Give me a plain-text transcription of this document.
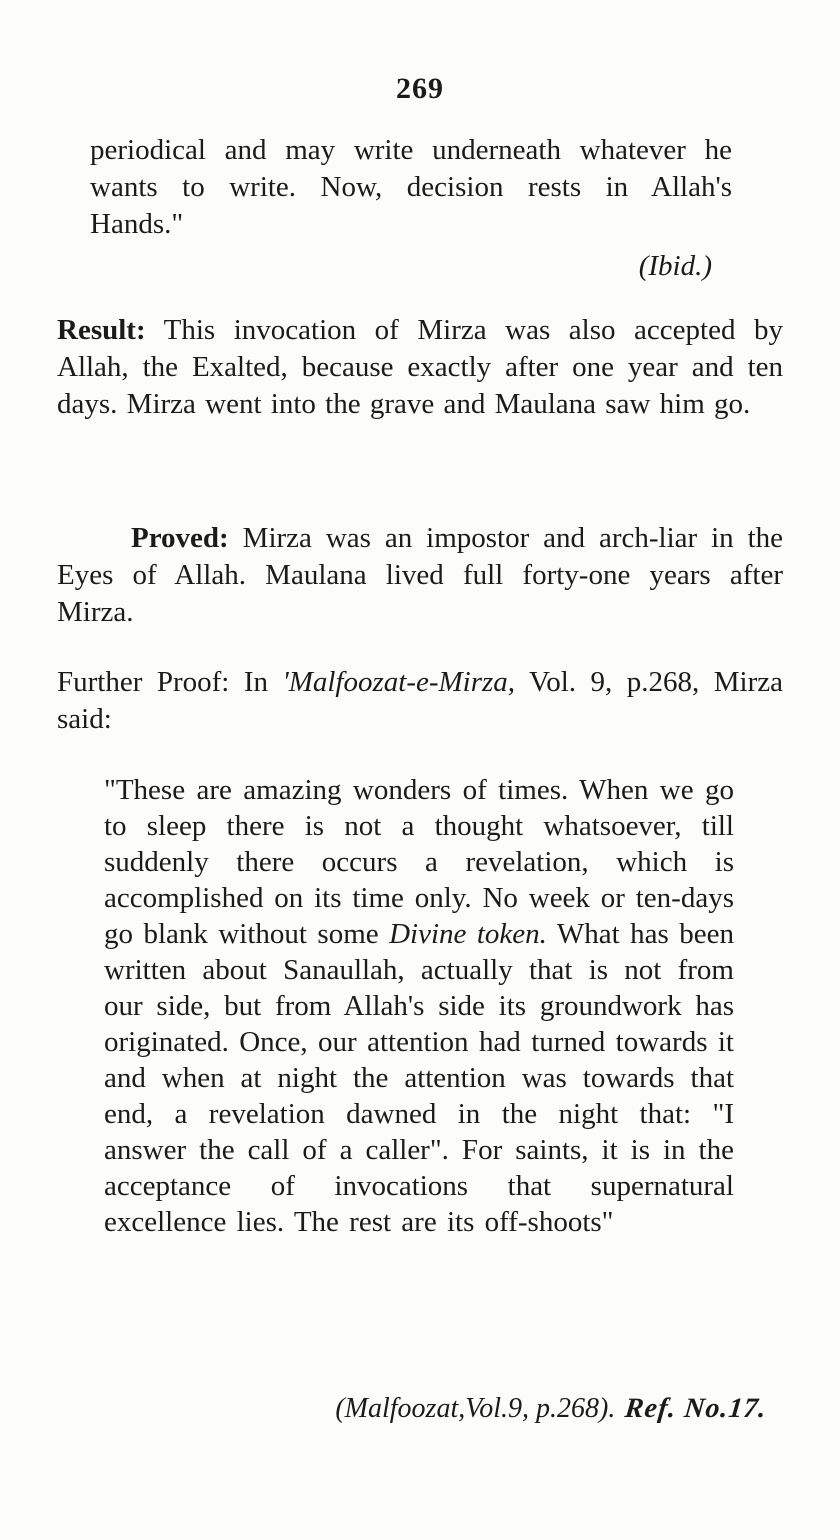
269
periodical and may write underneath whatever he wants to write. Now, decision rests in Allah's Hands."
(Ibid.)
Result: This invocation of Mirza was also accepted by Allah, the Exalted, because exactly after one year and ten days. Mirza went into the grave and Maulana saw him go.
Proved: Mirza was an impostor and arch-liar in the Eyes of Allah. Maulana lived full forty-one years after Mirza.
Further Proof: In 'Malfoozat-e-Mirza, Vol. 9, p.268, Mirza said:
"These are amazing wonders of times. When we go to sleep there is not a thought whatsoever, till suddenly there occurs a revelation, which is accomplished on its time only. No week or ten-days go blank without some Divine token. What has been written about Sanaullah, actually that is not from our side, but from Allah's side its groundwork has originated. Once, our attention had turned towards it and when at night the attention was towards that end, a revelation dawned in the night that: "I answer the call of a caller". For saints, it is in the acceptance of invocations that supernatural excellence lies. The rest are its off-shoots"
(Malfoozat,Vol.9, p.268). Ref. No.17.
